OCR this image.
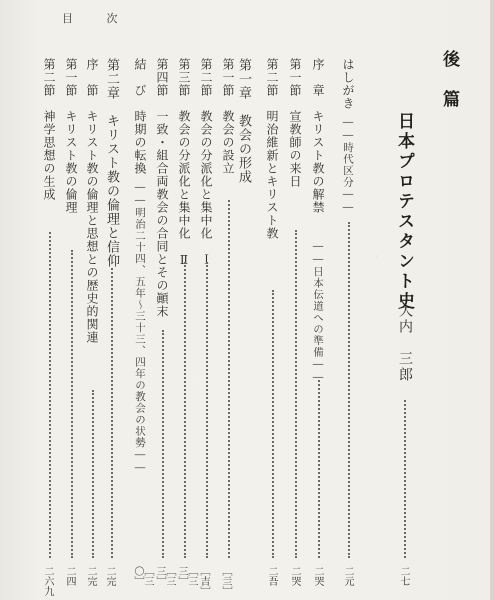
目	次
・
後　篇
日本プロテスタント史
大内　三郎
二七
はしがき――時代区分――
二元
序　章　キリスト教の解禁――日本伝道への準備――
二哭
第一節　宣教師の来日
二哭
第二節　明治維新とキリスト教
二吾
第一章　教会の形成
第一節　教会の設立
［亖］
第二節　教会の分派化と集中化　Ｉ
［吉］
第三節　教会の分派化と集中化　Ⅱ
［三三］
第四節　一致・組合両教会の合同とその顚末
［三三］
結　び　時期の転換――明治二十四、五年～三十三、四年の教会の状勢――
［三〇］
第二章　キリスト教の倫理と信仰
二完
序　節　キリスト教の倫理と思想との歴史的関連
二完
第一節　キリスト教の倫理
二四
第二節　神学思想の生成
二六九
